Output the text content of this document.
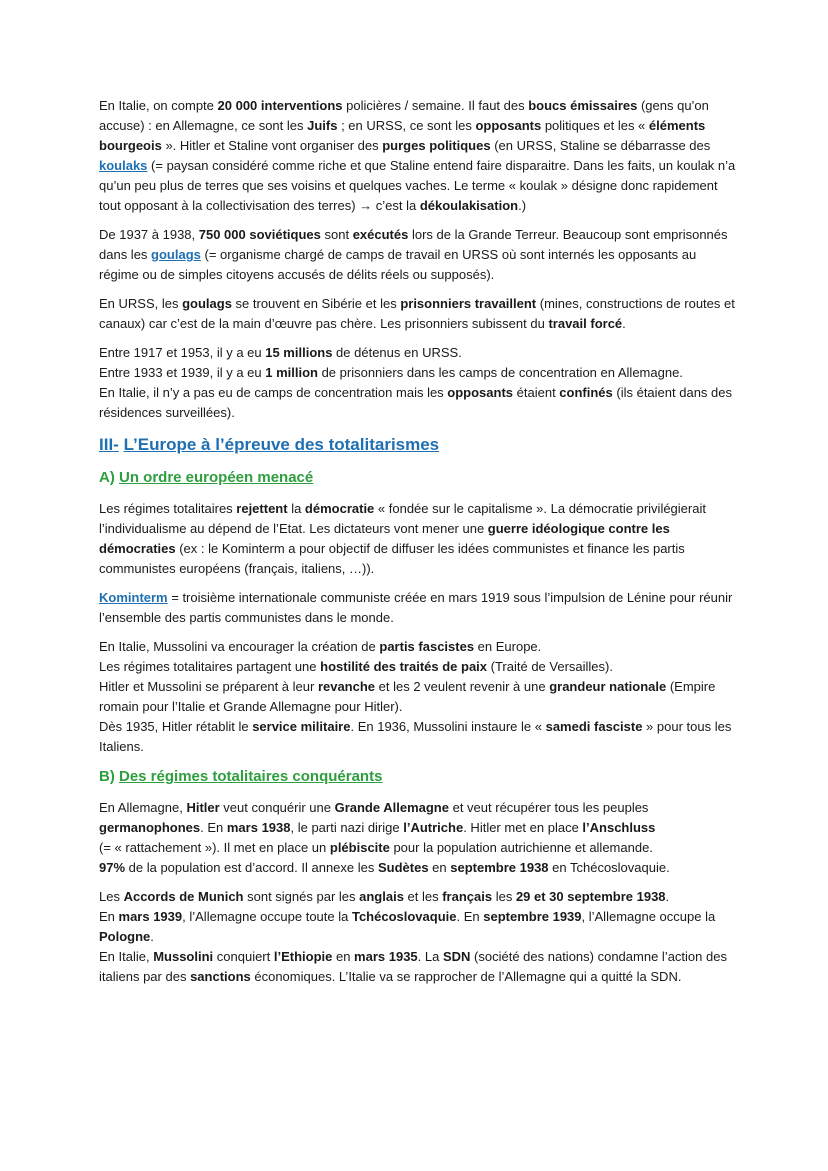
En Italie, on compte 20 000 interventions policières / semaine. Il faut des boucs émissaires (gens qu’on accuse) : en Allemagne, ce sont les Juifs ; en URSS, ce sont les opposants politiques et les « éléments bourgeois ». Hitler et Staline vont organiser des purges politiques (en URSS, Staline se débarrasse des koulaks (= paysan considéré comme riche et que Staline entend faire disparaitre. Dans les faits, un koulak n’a qu’un peu plus de terres que ses voisins et quelques vaches. Le terme « koulak » désigne donc rapidement tout opposant à la collectivisation des terres) → c’est la dékoulakisation.)

De 1937 à 1938, 750 000 soviétiques sont exécutés lors de la Grande Terreur. Beaucoup sont emprisonnés dans les goulags (= organisme chargé de camps de travail en URSS où sont internés les opposants au régime ou de simples citoyens accusés de délits réels ou supposés).

En URSS, les goulags se trouvent en Sibérie et les prisonniers travaillent (mines, constructions de routes et canaux) car c’est de la main d’œuvre pas chère. Les prisonniers subissent du travail forcé.

Entre 1917 et 1953, il y a eu 15 millions de détenus en URSS.
Entre 1933 et 1939, il y a eu 1 million de prisonniers dans les camps de concentration en Allemagne.
En Italie, il n’y a pas eu de camps de concentration mais les opposants étaient confinés (ils étaient dans des résidences surveillées).

III- L’Europe à l’épreuve des totalitarismes
A) Un ordre européen menacé

Les régimes totalitaires rejettent la démocratie « fondée sur le capitalisme ». La démocratie privilégierait l’individualisme au dépend de l’Etat. Les dictateurs vont mener une guerre idéologique contre les démocraties (ex : le Kominterm a pour objectif de diffuser les idées communistes et finance les partis communistes européens (français, italiens, …)).

Kominterm = troisième internationale communiste créée en mars 1919 sous l’impulsion de Lénine pour réunir l’ensemble des partis communistes dans le monde.

En Italie, Mussolini va encourager la création de partis fascistes en Europe.
Les régimes totalitaires partagent une hostilité des traités de paix (Traité de Versailles).
Hitler et Mussolini se préparent à leur revanche et les 2 veulent revenir à une grandeur nationale (Empire romain pour l’Italie et Grande Allemagne pour Hitler).
Dès 1935, Hitler rétablit le service militaire. En 1936, Mussolini instaure le « samedi fasciste » pour tous les Italiens.

B) Des régimes totalitaires conquérants

En Allemagne, Hitler veut conquérir une Grande Allemagne et veut récupérer tous les peuples germanophones. En mars 1938, le parti nazi dirige l’Autriche. Hitler met en place l’Anschluss
(= « rattachement »). Il met en place un plébiscite pour la population autrichienne et allemande.
97% de la population est d’accord. Il annexe les Sudètes en septembre 1938 en Tchécoslovaquie.

Les Accords de Munich sont signés par les anglais et les français les 29 et 30 septembre 1938.
En mars 1939, l’Allemagne occupe toute la Tchécoslovaquie. En septembre 1939, l’Allemagne occupe la Pologne.
En Italie, Mussolini conquiert l’Ethiopie en mars 1935. La SDN (société des nations) condamne l’action des italiens par des sanctions économiques. L’Italie va se rapprocher de l’Allemagne qui a quitté la SDN.
